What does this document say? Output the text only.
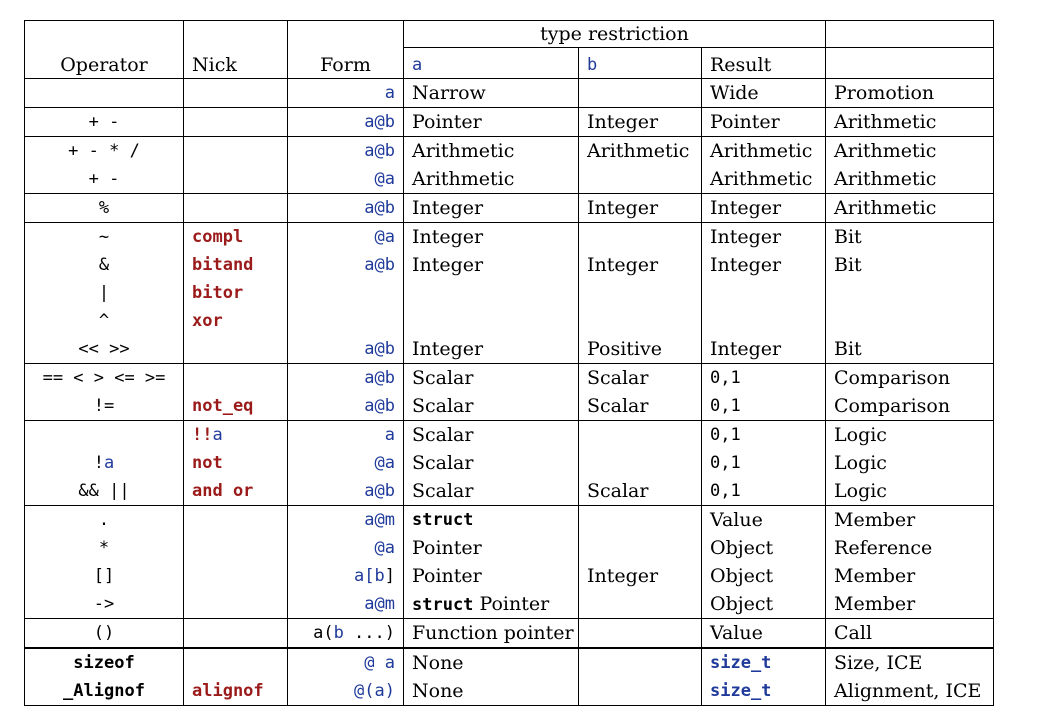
			type restriction			
Operator	Nick	Form	a	b	Result	
		a	Narrow		Wide	Promotion
+ -		a@b	Pointer	Integer	Pointer	Arithmetic
+ - * /		a@b	Arithmetic	Arithmetic	Arithmetic	Arithmetic
+ -		@a	Arithmetic		Arithmetic	Arithmetic
%		a@b	Integer	Integer	Integer	Arithmetic
~	compl	@a	Integer		Integer	Bit
&	bitand	a@b	Integer	Integer	Integer	Bit
|	bitor					
^	xor					
<< >>		a@b	Integer	Positive	Integer	Bit
== < > <= >=		a@b	Scalar	Scalar	0,1	Comparison
!=	not_eq	a@b	Scalar	Scalar	0,1	Comparison
	!!a	a	Scalar		0,1	Logic
!a	not	@a	Scalar		0,1	Logic
&& ||	and or	a@b	Scalar	Scalar	0,1	Logic
.		a@m	struct		Value	Member
*		@a	Pointer		Object	Reference
[]		a[b]	Pointer	Integer	Object	Member
->		a@m	struct Pointer		Object	Member
()		a(b ...)	Function pointer		Value	Call
sizeof		@ a	None		size_t	Size, ICE
_Alignof	alignof	@(a)	None		size_t	Alignment, ICE
